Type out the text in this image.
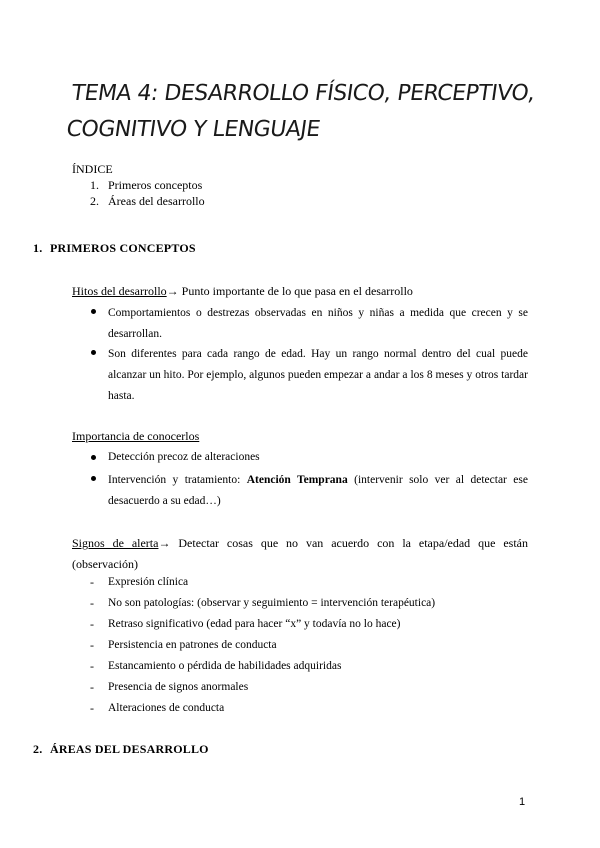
TEMA 4: DESARROLLO FÍSICO, PERCEPTIVO,
COGNITIVO Y LENGUAJE
ÍNDICE
1. Primeros conceptos
2. Áreas del desarrollo
1. PRIMEROS CONCEPTOS
Hitos del desarrollo→ Punto importante de lo que pasa en el desarrollo
Comportamientos o destrezas observadas en niños y niñas a medida que crecen y se desarrollan.
Son diferentes para cada rango de edad. Hay un rango normal dentro del cual puede alcanzar un hito. Por ejemplo, algunos pueden empezar a andar a los 8 meses y otros tardar hasta.
Importancia de conocerlos
Detección precoz de alteraciones
Intervención y tratamiento: Atención Temprana (intervenir solo ver al detectar ese desacuerdo a su edad…)
Signos de alerta→ Detectar cosas que no van acuerdo con la etapa/edad que están (observación)
- Expresión clínica
- No son patologías: (observar y seguimiento = intervención terapéutica)
- Retraso significativo (edad para hacer “x” y todavía no lo hace)
- Persistencia en patrones de conducta
- Estancamiento o pérdida de habilidades adquiridas
- Presencia de signos anormales
- Alteraciones de conducta
2. ÁREAS DEL DESARROLLO
1
